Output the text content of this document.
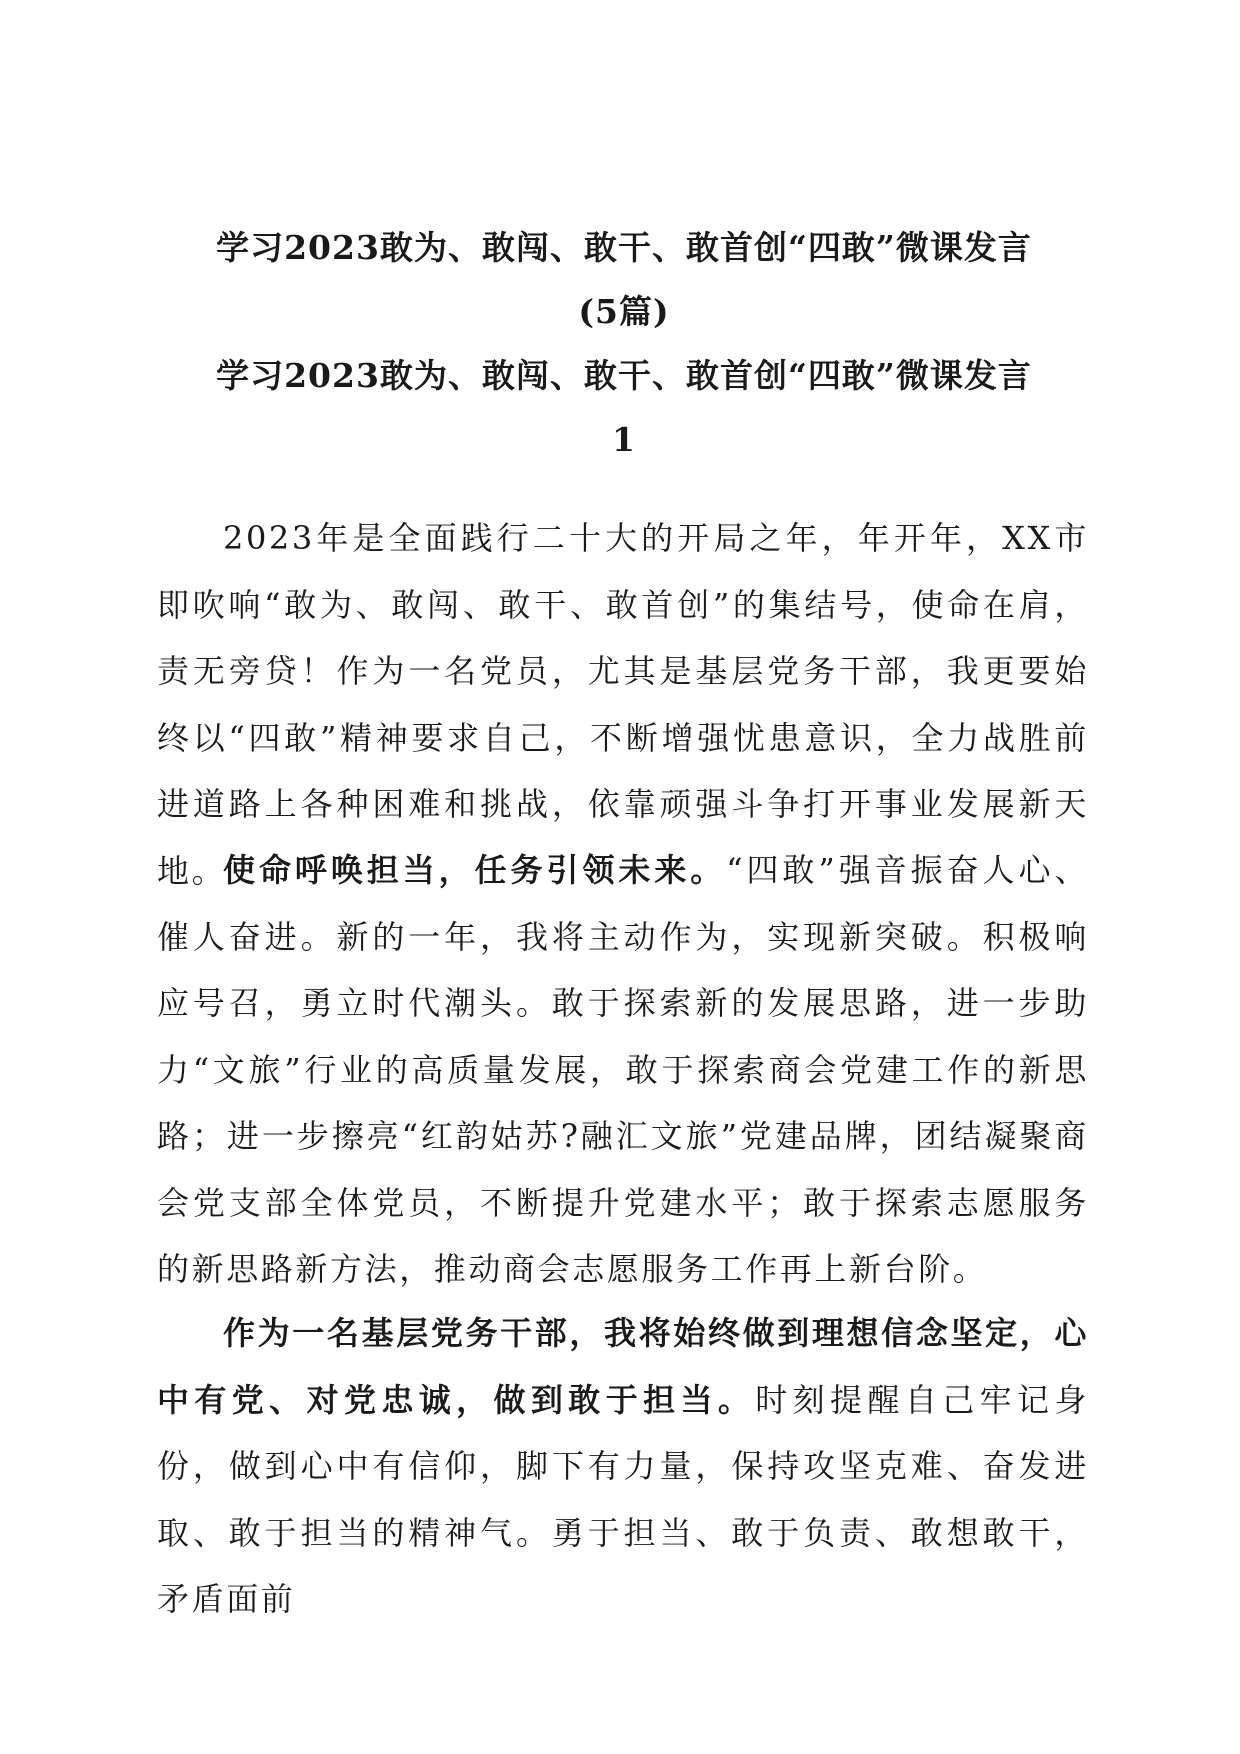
学习2023敢为、敢闯、敢干、敢首创“四敢”微课发言
(5篇)
学习2023敢为、敢闯、敢干、敢首创“四敢”微课发言
1

2023年是全面践行二十大的开局之年，年开年，XX市即吹响“敢为、敢闯、敢干、敢首创”的集结号，使命在肩，责无旁贷！作为一名党员，尤其是基层党务干部，我更要始终以“四敢”精神要求自己，不断增强忧患意识，全力战胜前进道路上各种困难和挑战，依靠顽强斗争打开事业发展新天地。

使命呼唤担当，任务引领未来。“四敢”强音振奋人心、催人奋进。新的一年，我将主动作为，实现新突破。积极响应号召，勇立时代潮头。敢于探索新的发展思路，进一步助力“文旅”行业的高质量发展，敢于探索商会党建工作的新思路；进一步擦亮“红韵姑苏?融汇文旅”党建品牌，团结凝聚商会党支部全体党员，不断提升党建水平；敢于探索志愿服务的新思路新方法，推动商会志愿服务工作再上新台阶。

作为一名基层党务干部，我将始终做到理想信念坚定，心中有党、对党忠诚，做到敢于担当。时刻提醒自己牢记身份，做到心中有信仰，脚下有力量，保持攻坚克难、奋发进取、敢于担当的精神气。勇于担当、敢于负责、敢想敢干，矛盾面前
